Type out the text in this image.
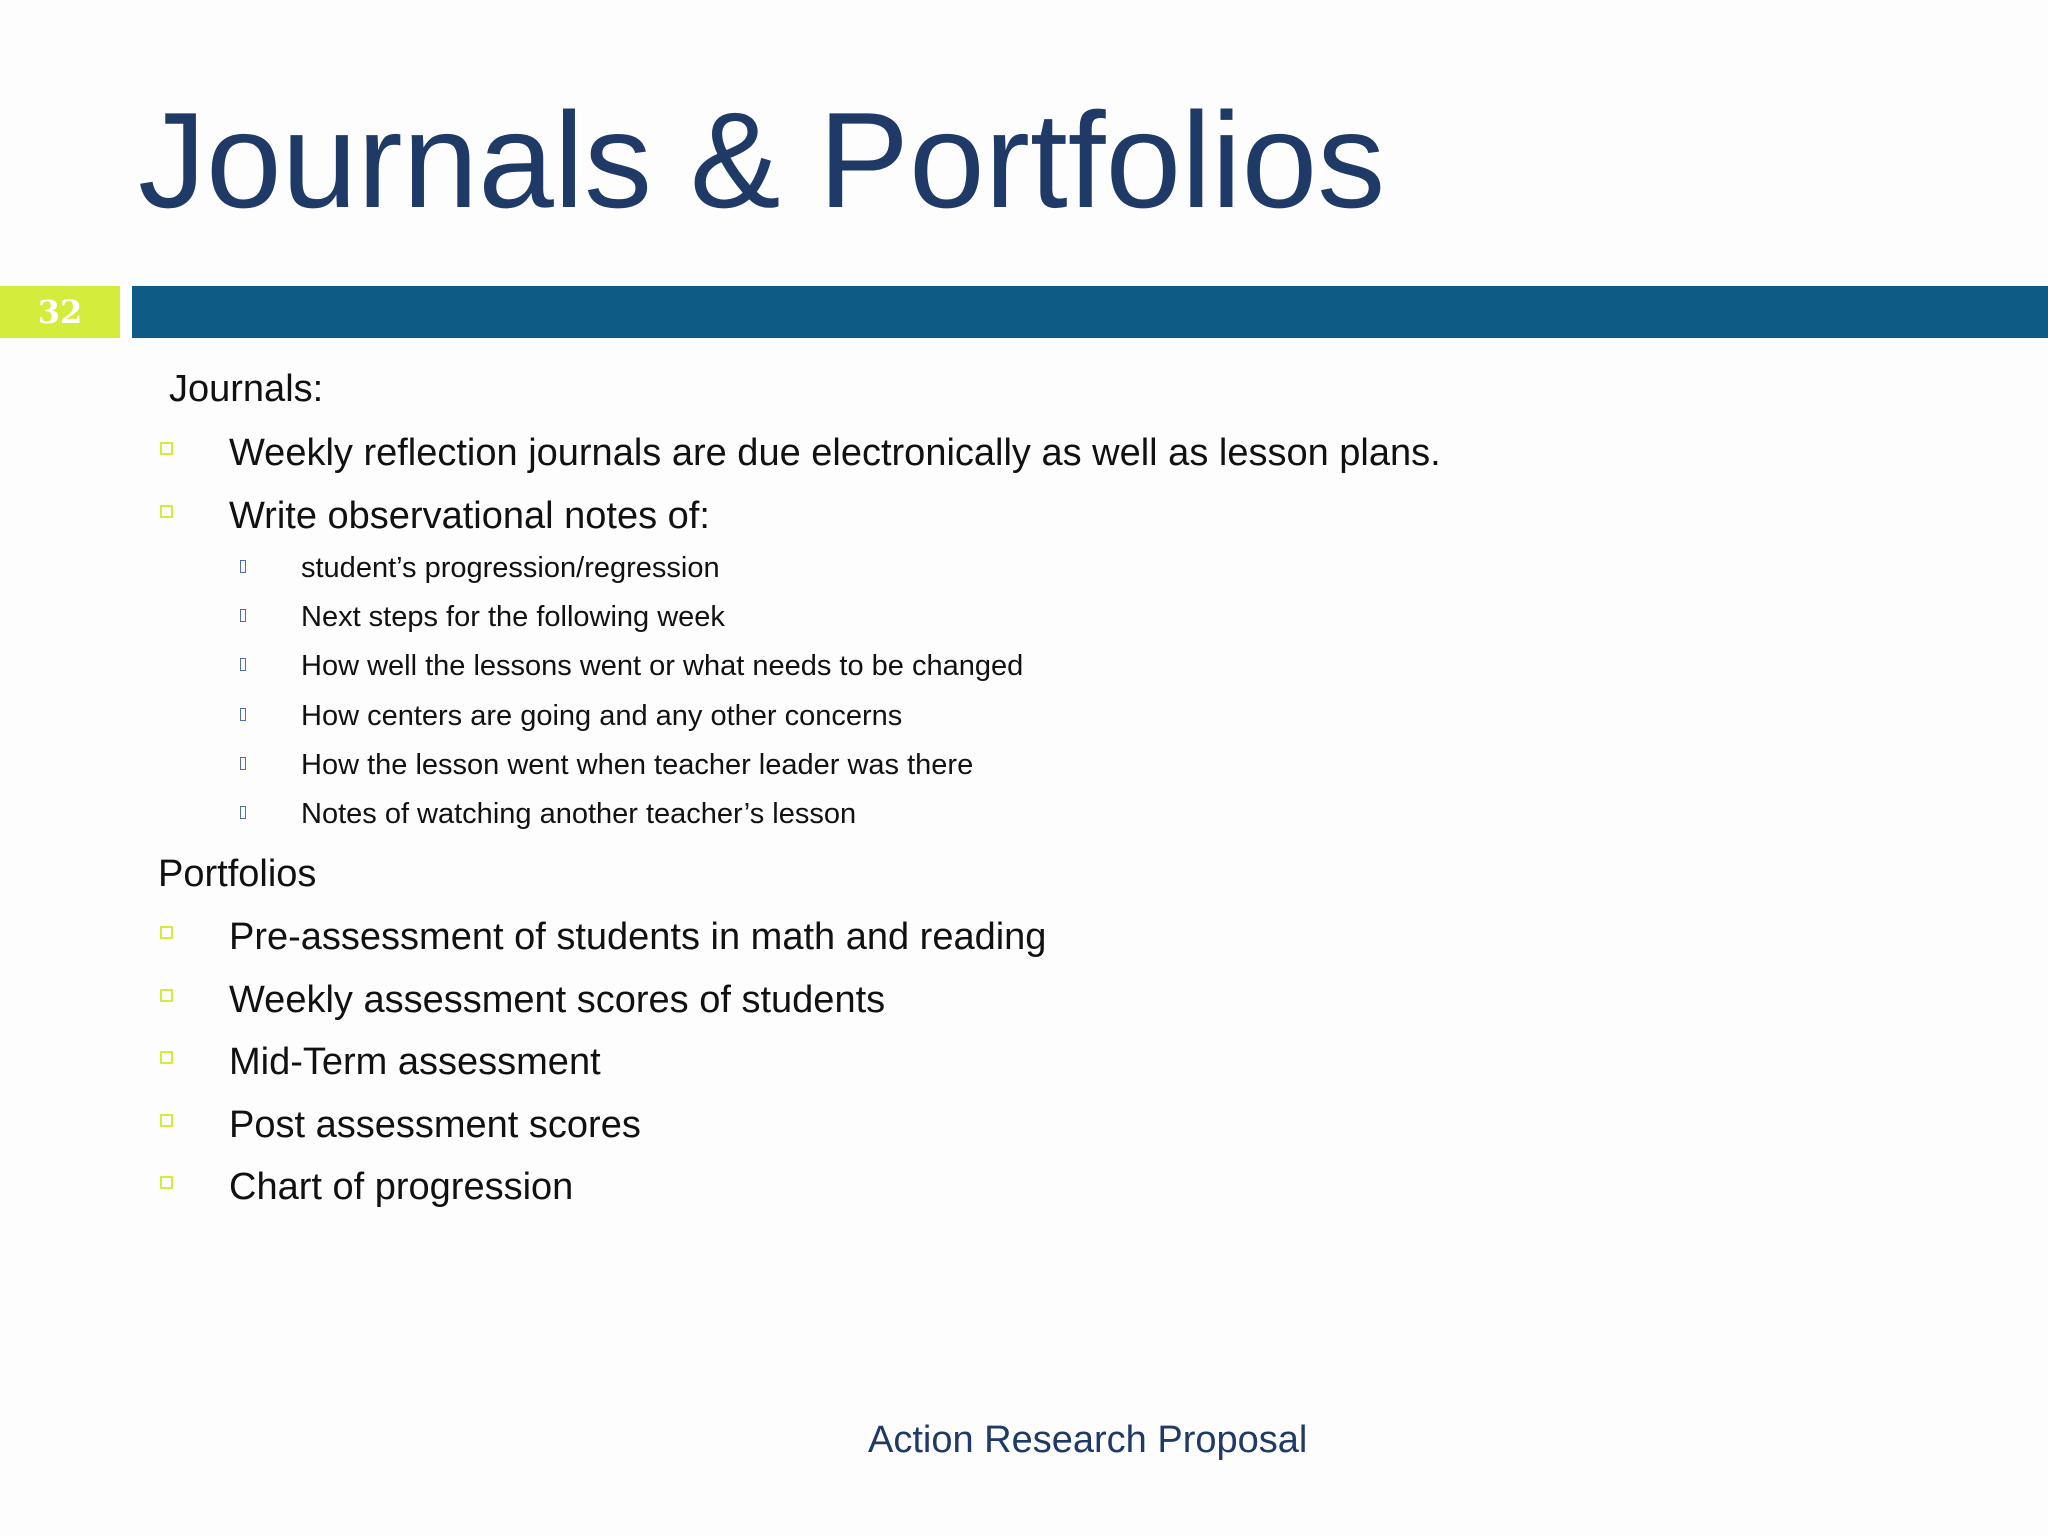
Journals & Portfolios
32
Journals:
Weekly reflection journals are due electronically as well as lesson plans.
Write observational notes of:
student’s progression/regression
Next steps for the following week
How well the lessons went or what needs to be changed
How centers are going and any other concerns
How the lesson went when teacher leader was there
Notes of watching another teacher’s lesson
Portfolios
Pre-assessment of students in math and reading
Weekly assessment scores of students
Mid-Term assessment
Post assessment scores
Chart of progression
Action Research Proposal
